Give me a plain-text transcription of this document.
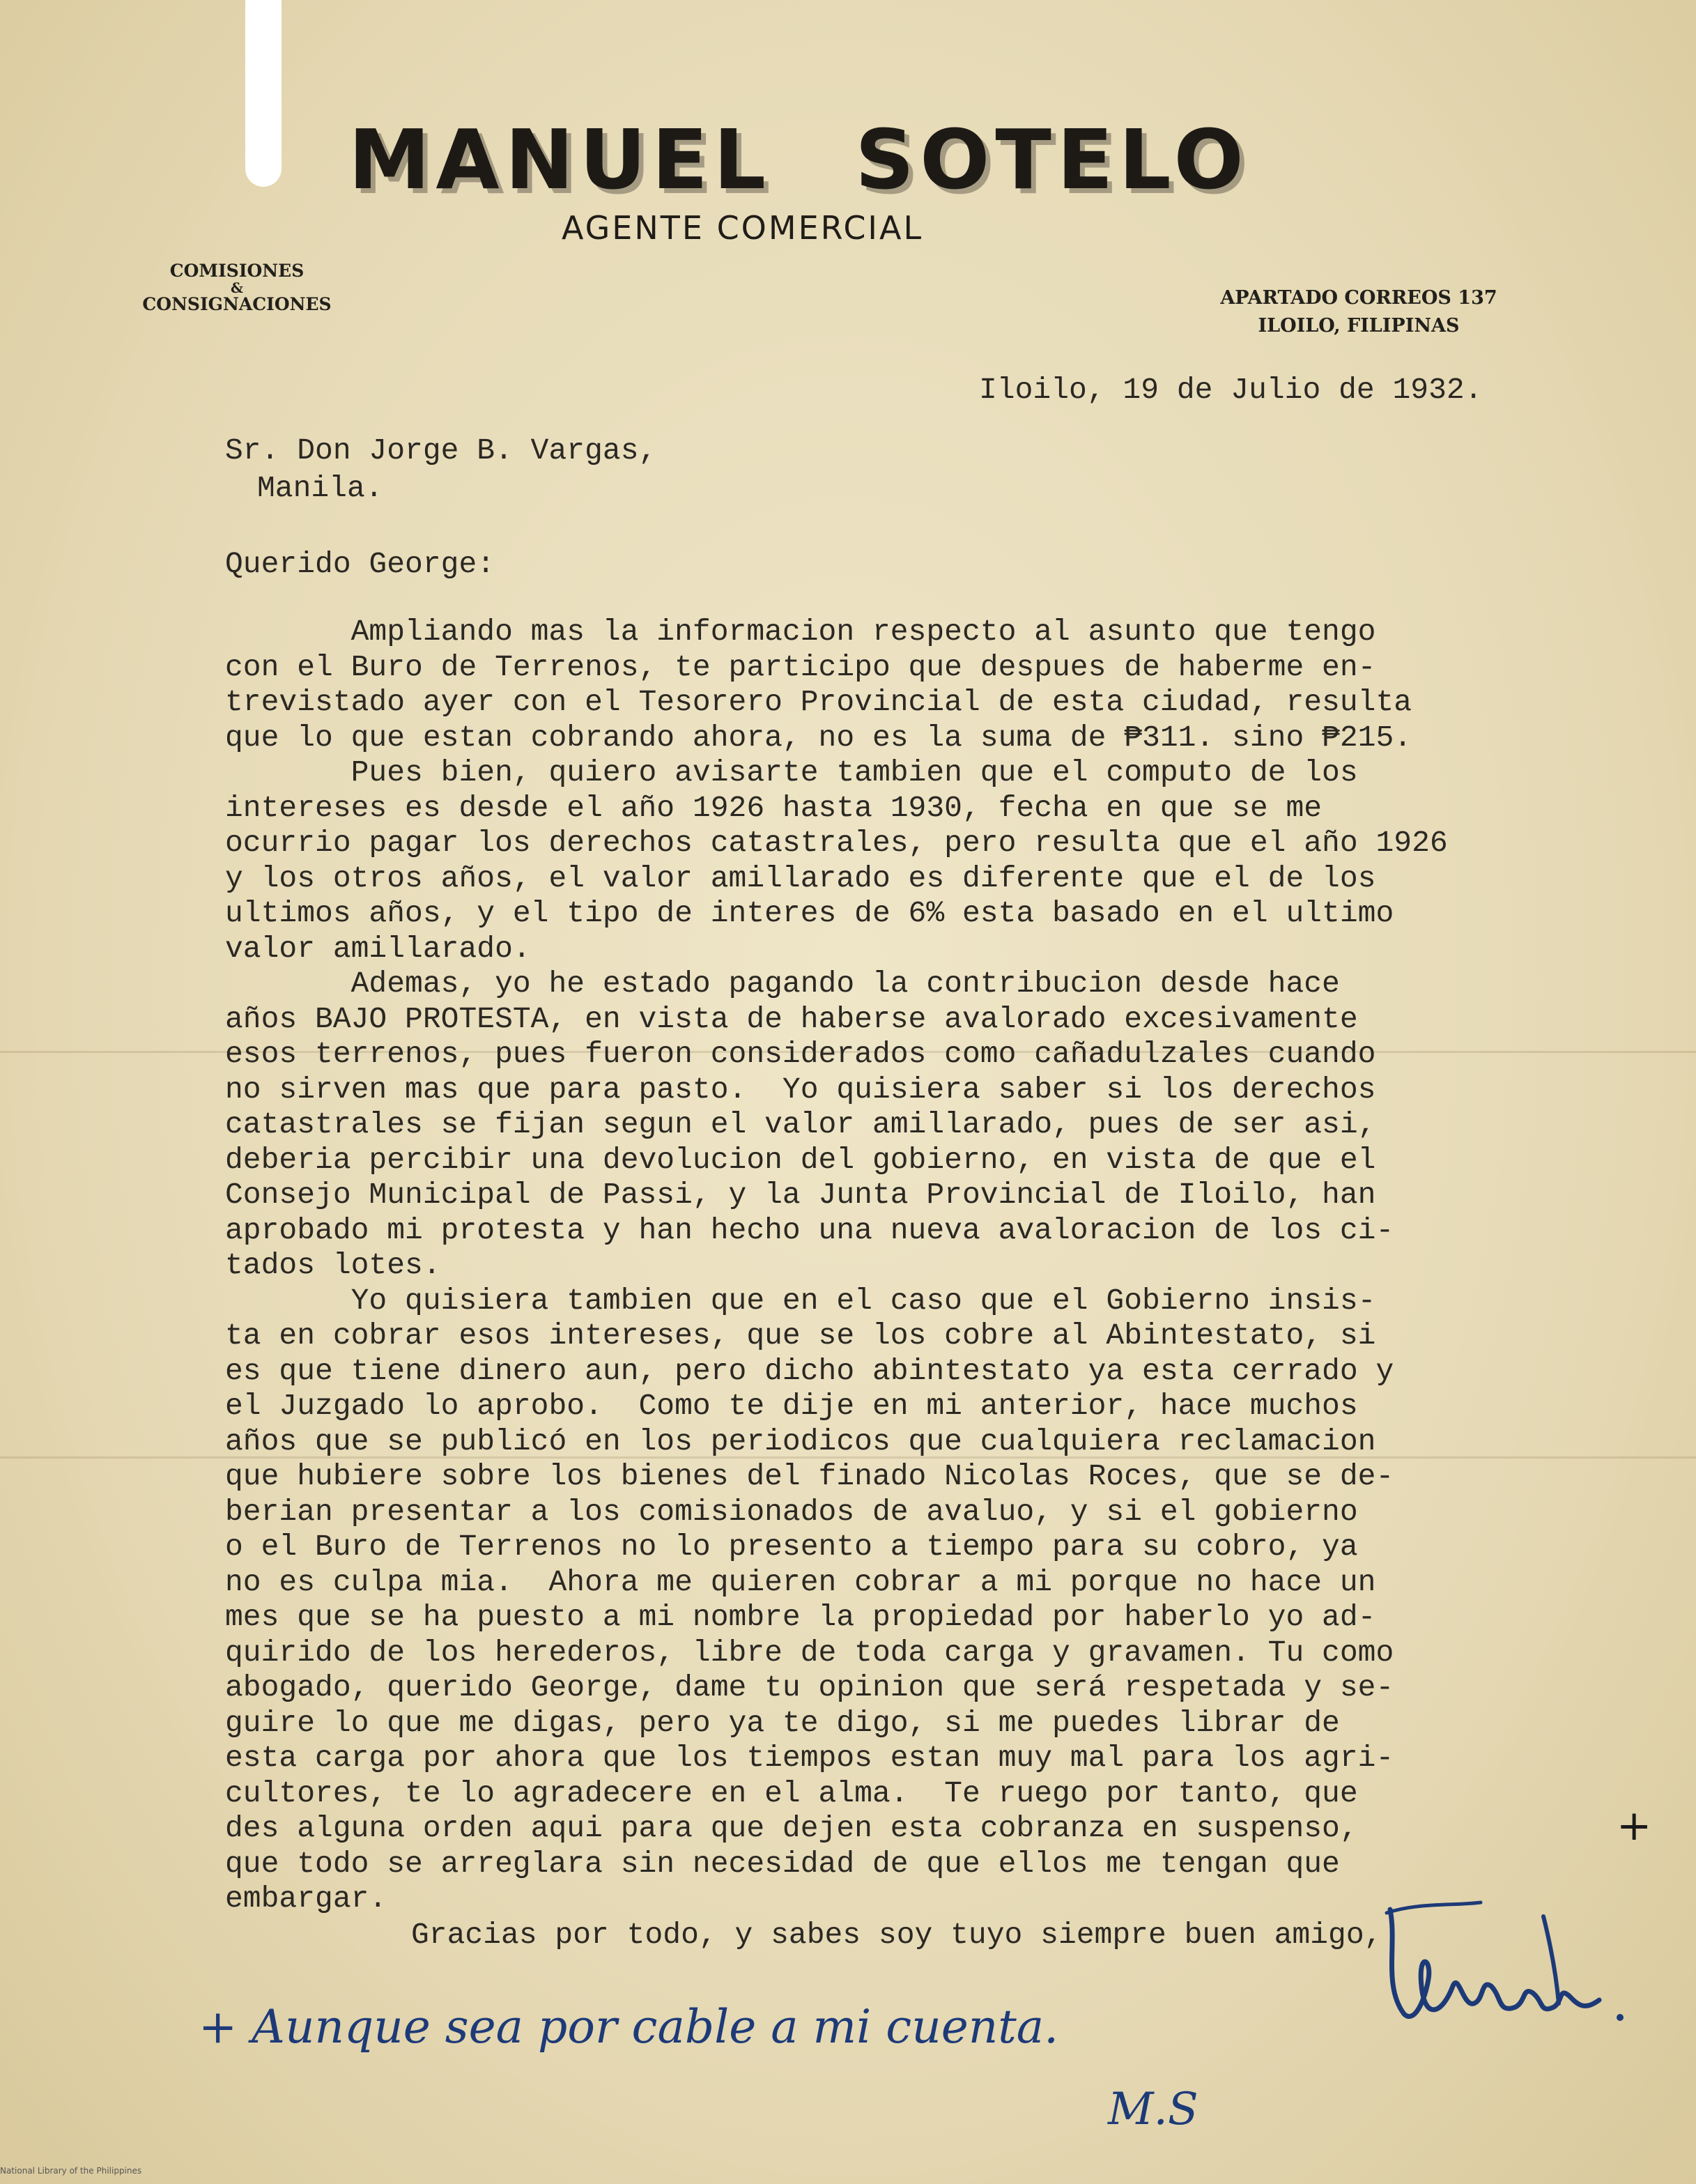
MANUEL SOTELO
AGENTE COMERCIAL
COMISIONES
&
CONSIGNACIONES	APARTADO CORREOS 137
ILOILO, FILIPINAS
Iloilo, 19 de Julio de 1932.
Sr. Don Jorge B. Vargas,
Manila.
Querido George:
Ampliando mas la informacion respecto al asunto que tengo
con el Buro de Terrenos, te participo que despues de haberme en-
trevistado ayer con el Tesorero Provincial de esta ciudad, resulta
que lo que estan cobrando ahora, no es la suma de ₱311. sino ₱215.
Pues bien, quiero avisarte tambien que el computo de los
intereses es desde el año 1926 hasta 1930, fecha en que se me
ocurrio pagar los derechos catastrales, pero resulta que el año 1926
y los otros años, el valor amillarado es diferente que el de los
ultimos años, y el tipo de interes de 6% esta basado en el ultimo
valor amillarado.
Ademas, yo he estado pagando la contribucion desde hace
años BAJO PROTESTA, en vista de haberse avalorado excesivamente
esos terrenos, pues fueron considerados como cañadulzales cuando
no sirven mas que para pasto.  Yo quisiera saber si los derechos
catastrales se fijan segun el valor amillarado, pues de ser asi,
deberia percibir una devolucion del gobierno, en vista de que el
Consejo Municipal de Passi, y la Junta Provincial de Iloilo, han
aprobado mi protesta y han hecho una nueva avaloracion de los ci-
tados lotes.
Yo quisiera tambien que en el caso que el Gobierno insis-
ta en cobrar esos intereses, que se los cobre al Abintestato, si
es que tiene dinero aun, pero dicho abintestato ya esta cerrado y
el Juzgado lo aprobo.  Como te dije en mi anterior, hace muchos
años que se publicó en los periodicos que cualquiera reclamacion
que hubiere sobre los bienes del finado Nicolas Roces, que se de-
berian presentar a los comisionados de avaluo, y si el gobierno
o el Buro de Terrenos no lo presento a tiempo para su cobro, ya
no es culpa mia.  Ahora me quieren cobrar a mi porque no hace un
mes que se ha puesto a mi nombre la propiedad por haberlo yo ad-
quirido de los herederos, libre de toda carga y gravamen. Tu como
abogado, querido George, dame tu opinion que será respetada y se-
guire lo que me digas, pero ya te digo, si me puedes librar de
esta carga por ahora que los tiempos estan muy mal para los agri-
cultores, te lo agradecere en el alma.  Te ruego por tanto, que
des alguna orden aqui para que dejen esta cobranza en suspenso,
que todo se arreglara sin necesidad de que ellos me tengan que
embargar.
Gracias por todo, y sabes soy tuyo siempre buen amigo,
+
+ Aunque sea por cable a mi cuenta.
M.S
National Library of the Philippines
